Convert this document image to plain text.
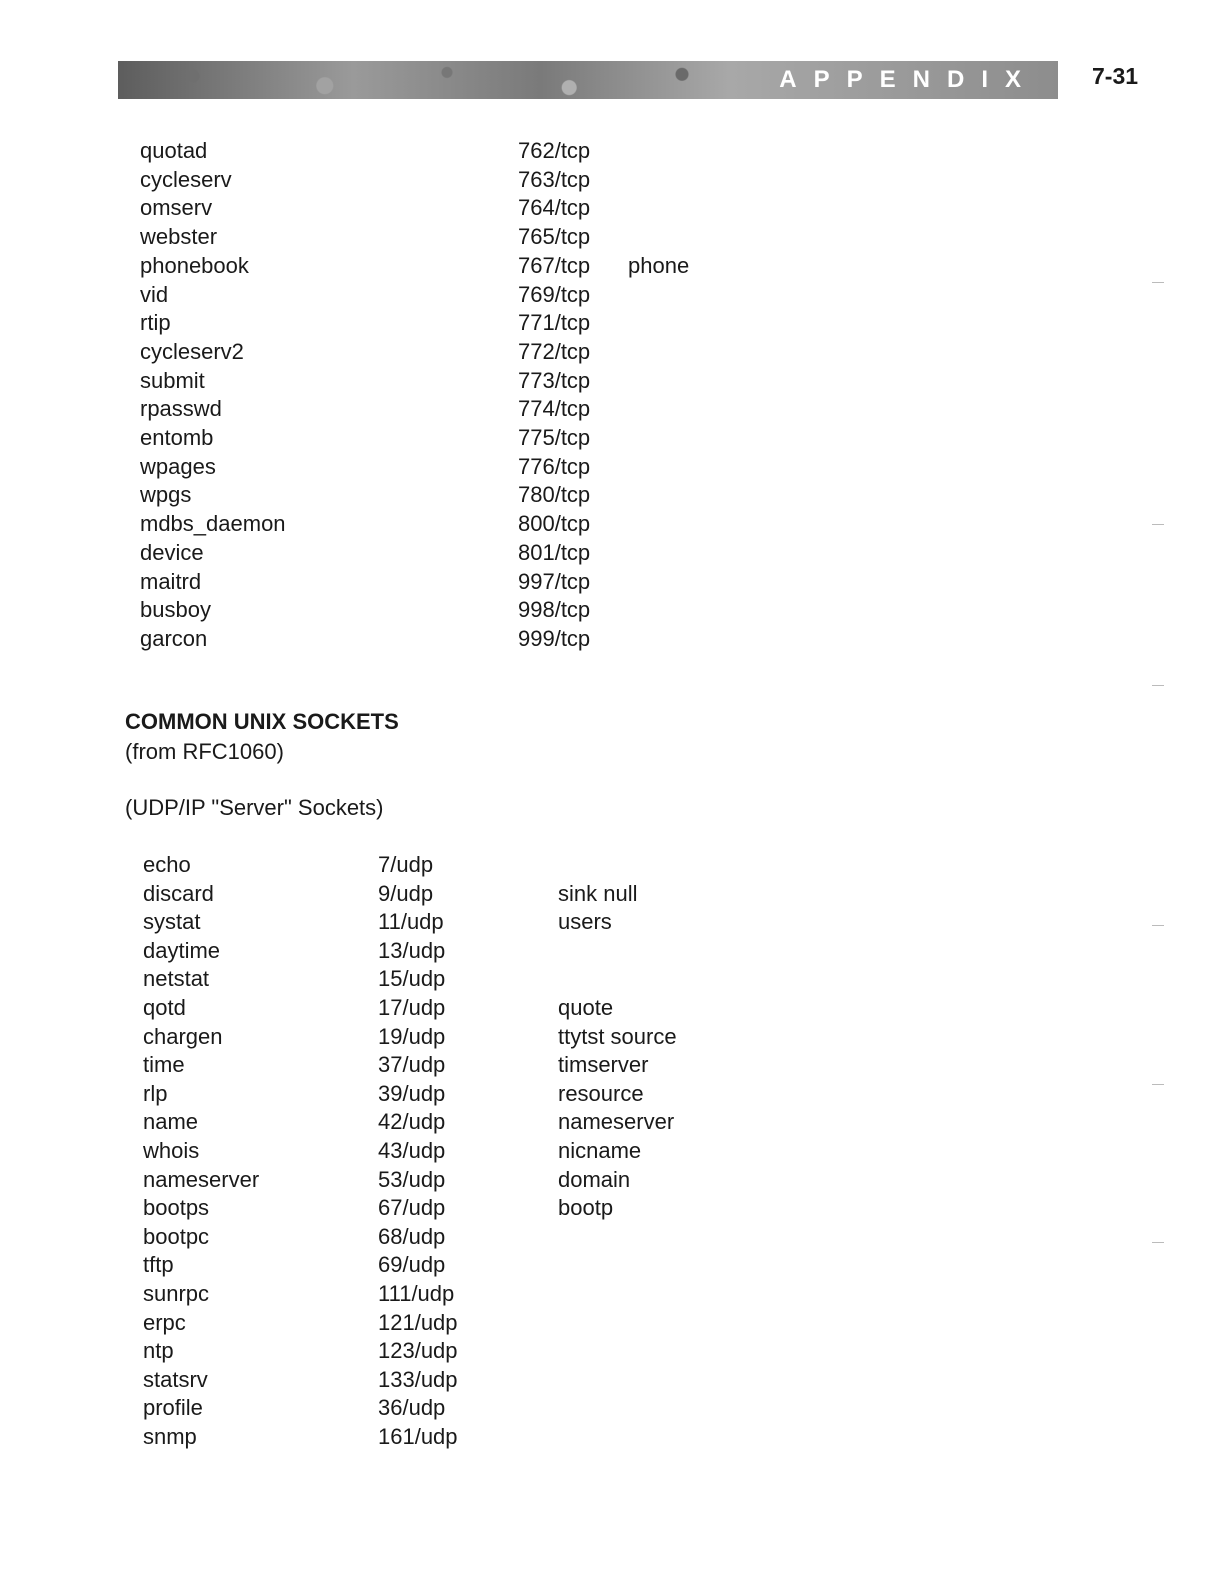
APPENDIX 7-31
quotad	762/tcp
cycleserv	763/tcp
omserv	764/tcp
webster	765/tcp
phonebook	767/tcp phone
vid	769/tcp
rtip	771/tcp
cycleserv2	772/tcp
submit	773/tcp
rpasswd	774/tcp
entomb	775/tcp
wpages	776/tcp
wpgs	780/tcp
mdbs_daemon	800/tcp
device	801/tcp
maitrd	997/tcp
busboy	998/tcp
garcon	999/tcp
COMMON UNIX SOCKETS
(from RFC1060)
(UDP/IP "Server" Sockets)
echo	7/udp
discard	9/udp	sink null
systat	11/udp	users
daytime	13/udp
netstat	15/udp
qotd	17/udp	quote
chargen	19/udp	ttytst source
time	37/udp	timserver
rlp	39/udp	resource
name	42/udp	nameserver
whois	43/udp	nicname
nameserver	53/udp	domain
bootps	67/udp	bootp
bootpc	68/udp
tftp	69/udp
sunrpc	111/udp
erpc	121/udp
ntp	123/udp
statsrv	133/udp
profile	36/udp
snmp	161/udp
